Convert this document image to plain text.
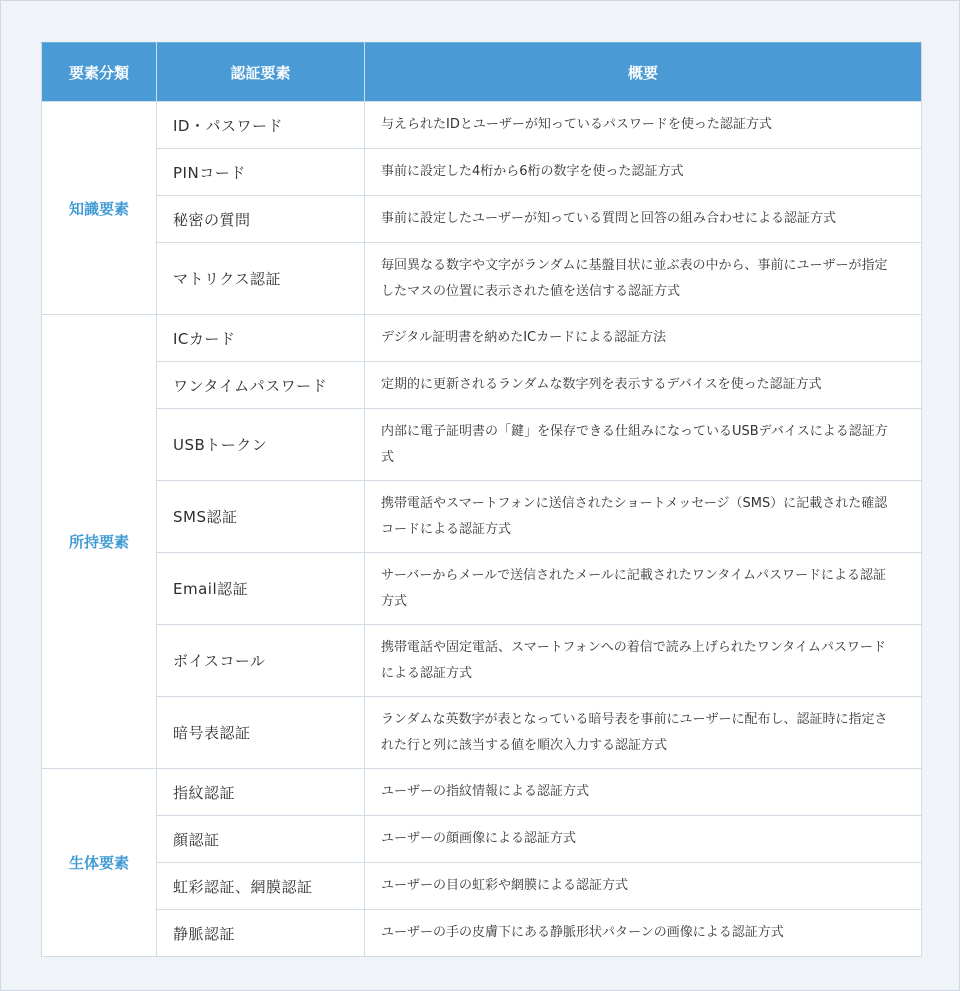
要素分類	認証要素	概要
知識要素	ID・パスワード	与えられたIDとユーザーが知っているパスワードを使った認証方式
	PINコード	事前に設定した4桁から6桁の数字を使った認証方式
	秘密の質問	事前に設定したユーザーが知っている質問と回答の組み合わせによる認証方式
	マトリクス認証	毎回異なる数字や文字がランダムに基盤目状に並ぶ表の中から、事前にユーザーが指定したマスの位置に表示された値を送信する認証方式
所持要素	ICカード	デジタル証明書を納めたICカードによる認証方法
	ワンタイムパスワード	定期的に更新されるランダムな数字列を表示するデバイスを使った認証方式
	USBトークン	内部に電子証明書の「鍵」を保存できる仕組みになっているUSBデバイスによる認証方式
	SMS認証	携帯電話やスマートフォンに送信されたショートメッセージ（SMS）に記載された確認コードによる認証方式
	Email認証	サーバーからメールで送信されたメールに記載されたワンタイムパスワードによる認証方式
	ボイスコール	携帯電話や固定電話、スマートフォンへの着信で読み上げられたワンタイムパスワードによる認証方式
	暗号表認証	ランダムな英数字が表となっている暗号表を事前にユーザーに配布し、認証時に指定された行と列に該当する値を順次入力する認証方式
生体要素	指紋認証	ユーザーの指紋情報による認証方式
	顔認証	ユーザーの顔画像による認証方式
	虹彩認証、網膜認証	ユーザーの目の虹彩や網膜による認証方式
	静脈認証	ユーザーの手の皮膚下にある静脈形状パターンの画像による認証方式
